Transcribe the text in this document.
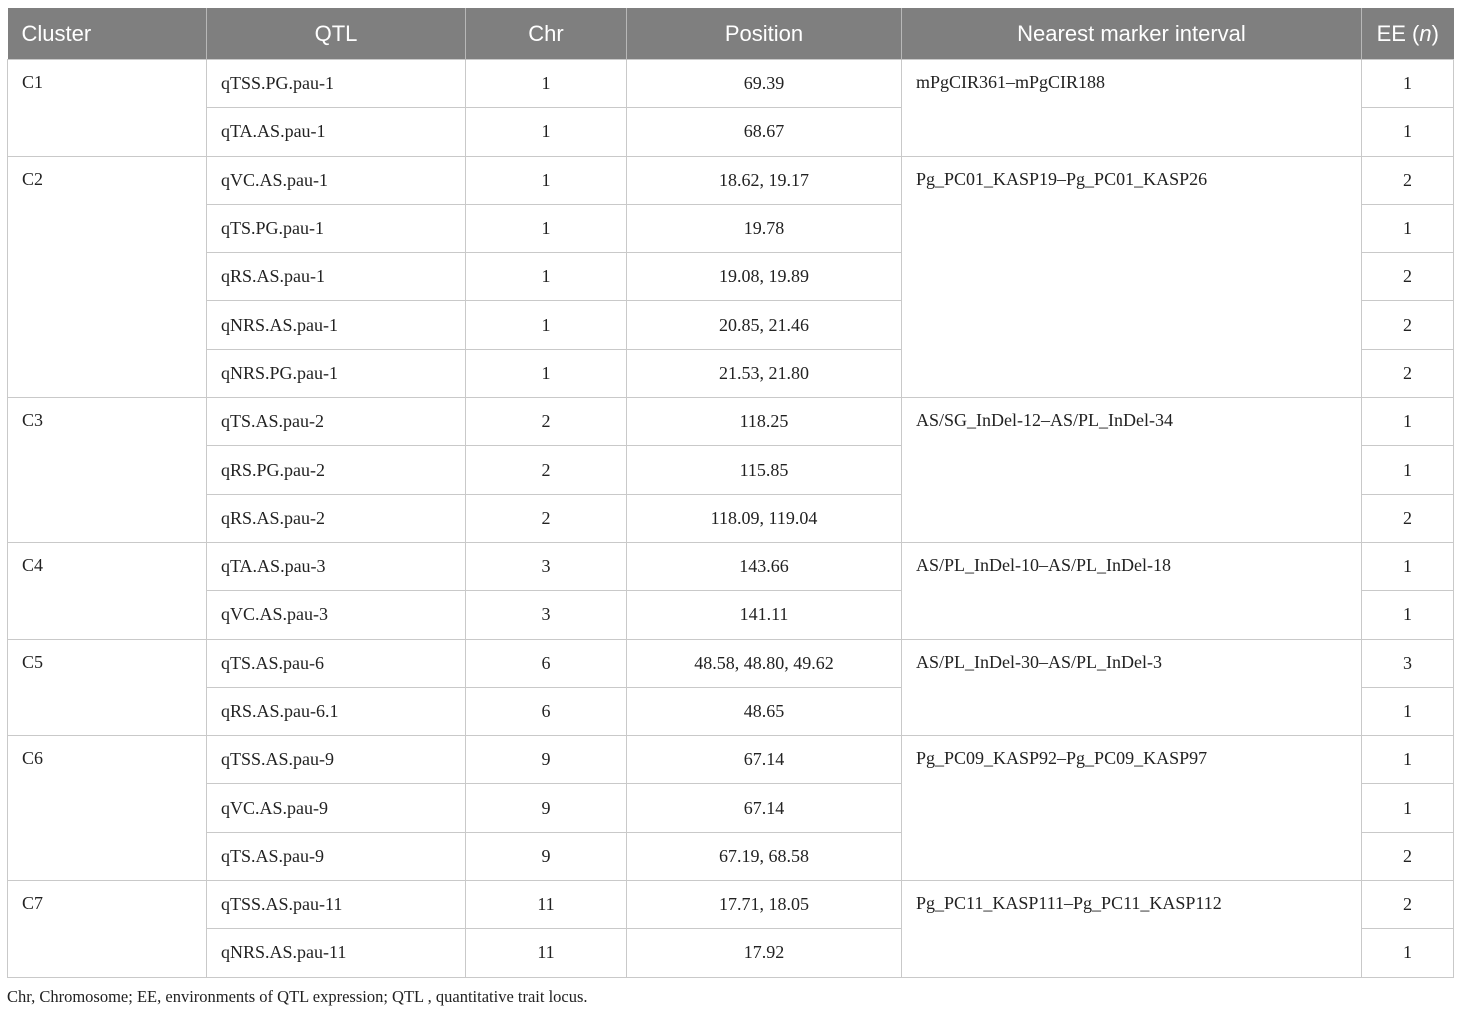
Cluster	QTL	Chr	Position	Nearest marker interval	EE (n)
C1	qTSS.PG.pau-1	1	69.39	mPgCIR361–mPgCIR188	1
	qTA.AS.pau-1	1	68.67		1
C2	qVC.AS.pau-1	1	18.62, 19.17	Pg_PC01_KASP19–Pg_PC01_KASP26	2
	qTS.PG.pau-1	1	19.78		1
	qRS.AS.pau-1	1	19.08, 19.89		2
	qNRS.AS.pau-1	1	20.85, 21.46		2
	qNRS.PG.pau-1	1	21.53, 21.80		2
C3	qTS.AS.pau-2	2	118.25	AS/SG_InDel-12–AS/PL_InDel-34	1
	qRS.PG.pau-2	2	115.85		1
	qRS.AS.pau-2	2	118.09, 119.04		2
C4	qTA.AS.pau-3	3	143.66	AS/PL_InDel-10–AS/PL_InDel-18	1
	qVC.AS.pau-3	3	141.11		1
C5	qTS.AS.pau-6	6	48.58, 48.80, 49.62	AS/PL_InDel-30–AS/PL_InDel-3	3
	qRS.AS.pau-6.1	6	48.65		1
C6	qTSS.AS.pau-9	9	67.14	Pg_PC09_KASP92–Pg_PC09_KASP97	1
	qVC.AS.pau-9	9	67.14		1
	qTS.AS.pau-9	9	67.19, 68.58		2
C7	qTSS.AS.pau-11	11	17.71, 18.05	Pg_PC11_KASP111–Pg_PC11_KASP112	2
	qNRS.AS.pau-11	11	17.92		1
Chr, Chromosome; EE, environments of QTL expression; QTL , quantitative trait locus.
